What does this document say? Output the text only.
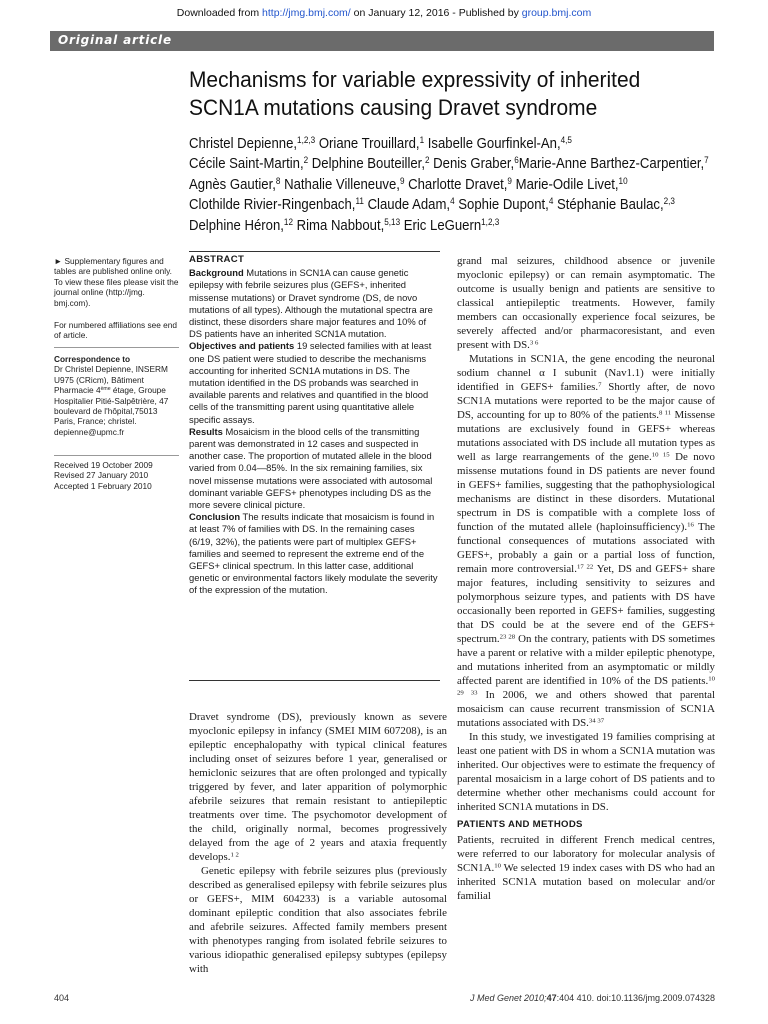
Downloaded from http://jmg.bmj.com/ on January 12, 2016 - Published by group.bmj.com
Original article
Mechanisms for variable expressivity of inherited
SCN1A mutations causing Dravet syndrome
Christel Depienne,$^{1,2,3}$ Oriane Trouillard,$^1$ Isabelle Gourfinkel-An,$^{4,5}$
Cécile Saint-Martin,$^2$ Delphine Bouteiller,$^2$ Denis Graber,$^6$Marie-Anne Barthez-Carpentier,$^7$
Agnès Gautier,$^8$ Nathalie Villeneuve,$^9$ Charlotte Dravet,$^9$ Marie-Odile Livet,$^{10}$
Clothilde Rivier-Ringenbach,$^{11}$ Claude Adam,$^4$ Sophie Dupont,$^4$ Stéphanie Baulac,$^{2,3}$
Delphine Héron,$^{12}$ Rima Nabbout,$^{5,13}$ Eric LeGuern$^{1,2,3}$
► Supplementary figures and tables are published online only. To view these files please visit the journal online (http://jmg. bmj.com).
For numbered affiliations see end of article.
Correspondence to
Dr Christel Depienne, INSERM U975 (CRicm), Bâtiment Pharmacie 4ème étage, Groupe Hospitalier Pitié-Salpêtrière, 47 boulevard de l'hôpital,75013 Paris, France; christel. depienne@upmc.fr
Received 19 October 2009
Revised 27 January 2010
Accepted 1 February 2010
ABSTRACT
Background Mutations in SCN1A can cause genetic epilepsy with febrile seizures plus (GEFS+, inherited missense mutations) or Dravet syndrome (DS, de novo mutations of all types). Although the mutational spectra are distinct, these disorders share major features and 10% of DS patients have an inherited SCN1A mutation.
Objectives and patients 19 selected families with at least one DS patient were studied to describe the mechanisms accounting for inherited SCN1A mutations in DS. The mutation identified in the DS probands was searched in available parents and relatives and quantified in the blood cells of the transmitting parent using quantitative allele specific assays.
Results Mosaicism in the blood cells of the transmitting parent was demonstrated in 12 cases and suspected in another case. The proportion of mutated allele in the blood varied from 0.04—85%. In the six remaining families, six novel missense mutations were associated with autosomal dominant variable GEFS+ phenotypes including DS as the more severe clinical picture.
Conclusion The results indicate that mosaicism is found in at least 7% of families with DS. In the remaining cases (6/19, 32%), the patients were part of multiplex GEFS+ families and seemed to represent the extreme end of the GEFS+ clinical spectrum. In this latter case, additional genetic or environmental factors likely modulate the severity of the expression of the mutation.

Dravet syndrome (DS), previously known as severe myoclonic epilepsy in infancy (SMEI MIM 607208), is an epileptic encephalopathy with typical clinical features including onset of seizures before 1 year, generalised or hemiclonic seizures that are often prolonged and typically triggered by fever, and later apparition of polymorphic afebrile seizures that remain resistant to antiepileptic treatments over time. The psychomotor development of the child, originally normal, becomes progressively delayed from the age of 2 years and ataxia frequently develops.$^{1 2}$

Genetic epilepsy with febrile seizures plus (previously described as generalised epilepsy with febrile seizures plus or GEFS+, MIM 604233) is a variable autosomal dominant epileptic condition that also associates febrile and afebrile seizures. Affected family members present with phenotypes ranging from isolated febrile seizures to various idiopathic generalised epilepsy subtypes (epilepsy with

grand mal seizures, childhood absence or juvenile myoclonic epilepsy) or can remain asymptomatic. The outcome is usually benign and patients are sensitive to classical antiepileptic treatments. However, family members can occasionally experience focal seizures, be severely affected and/or pharmacoresistant, and even present with DS.$^{3 6}$

Mutations in SCN1A, the gene encoding the neuronal sodium channel α I subunit (Nav1.1) were initially identified in GEFS+ families.$^7$ Shortly after, de novo SCN1A mutations were reported to be the major cause of DS, accounting for up to 80% of the patients.$^{8 11}$ Missense mutations are exclusively found in GEFS+ whereas mutations associated with DS include all mutation types as well as large rearrangements of the gene.$^{10 15}$ De novo missense mutations found in DS patients are never found in GEFS+ families, suggesting that the pathophysiological mechanisms are distinct in these disorders. Mutational spectrum in DS is compatible with a complete loss of function of the mutated allele (haploinsufficiency).$^{16}$ The functional consequences of mutations associated with GEFS+, probably a gain or a partial loss of function, remain more controversial.$^{17 22}$ Yet, DS and GEFS+ share major features, including sensitivity to seizures and polymorphous seizure types, and patients with DS have occasionally been reported in GEFS+ families, suggesting that DS could be at the severe end of the GEFS+ spectrum.$^{23 28}$ On the contrary, patients with DS sometimes have a parent or relative with a milder epileptic phenotype, and mutations inherited from an asymptomatic or mildly affected parent are identified in 10% of the DS patients.$^{10 29 33}$ In 2006, we and others showed that parental mosaicism can cause recurrent transmission of SCN1A mutations associated with DS.$^{34 37}$

In this study, we investigated 19 families comprising at least one patient with DS in whom a SCN1A mutation was inherited. Our objectives were to estimate the frequency of parental mosaicism in a large cohort of DS patients and to determine whether other mechanisms could account for inherited SCN1A mutations in DS.

PATIENTS AND METHODS

Patients, recruited in different French medical centres, were referred to our laboratory for molecular analysis of SCN1A.$^{10}$ We selected 19 index cases with DS who had an inherited SCN1A mutation based on molecular and/or familial

404	J Med Genet 2010;47:404 410. doi:10.1136/jmg.2009.074328
